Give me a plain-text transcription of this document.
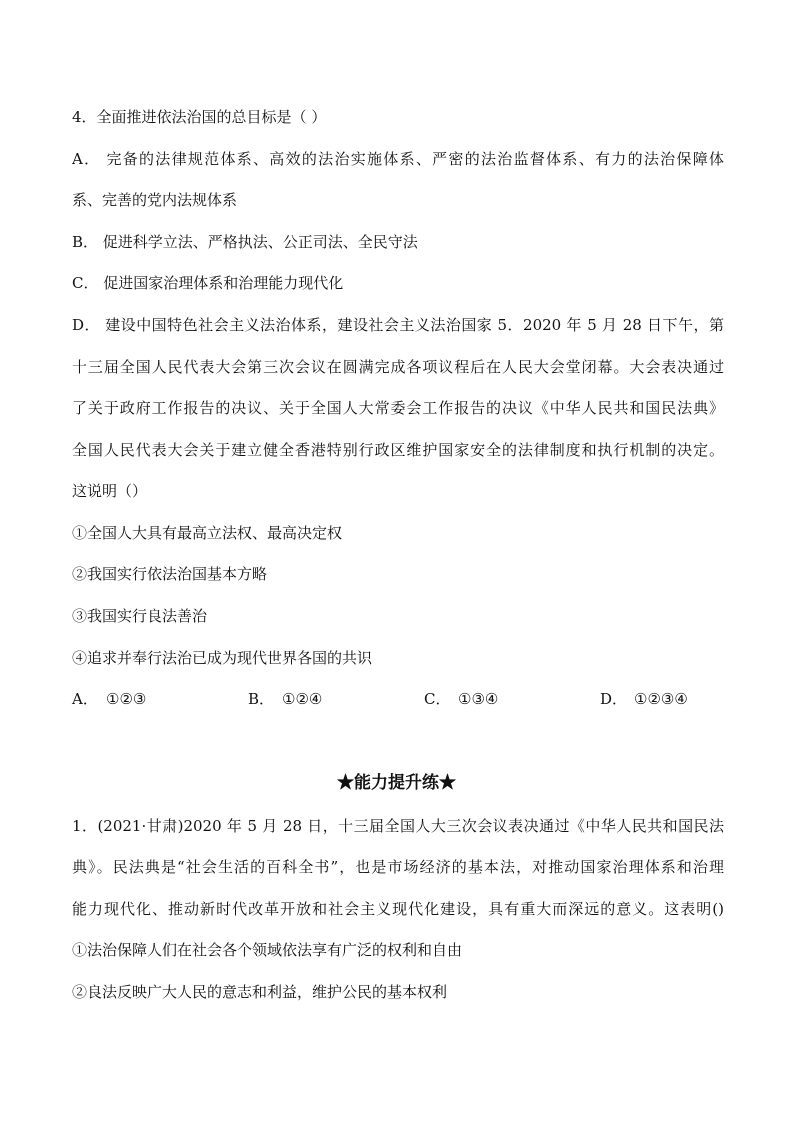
4．全面推进依法治国的总目标是（ ）
A． 完备的法律规范体系、高效的法治实施体系、严密的法治监督体系、有力的法治保障体
系、完善的党内法规体系
B． 促进科学立法、严格执法、公正司法、全民守法
C． 促进国家治理体系和治理能力现代化
D． 建设中国特色社会主义法治体系，建设社会主义法治国家 5．2020 年 5 月 28 日下午，第
十三届全国人民代表大会第三次会议在圆满完成各项议程后在人民大会堂闭幕。大会表决通过
了关于政府工作报告的决议、关于全国人大常委会工作报告的决议《中华人民共和国民法典》
全国人民代表大会关于建立健全香港特别行政区维护国家安全的法律制度和执行机制的决定。
这说明（）
①全国人大具有最高立法权、最高决定权
②我国实行依法治国基本方略
③我国实行良法善治
④追求并奉行法治已成为现代世界各国的共识
A． ①②③	B． ①②④	C． ①③④	D． ①②③④
★能力提升练★
1．(2021·甘肃)2020 年 5 月 28 日，十三届全国人大三次会议表决通过《中华人民共和国民法
典》。民法典是“社会生活的百科全书”，也是市场经济的基本法，对推动国家治理体系和治理
能力现代化、推动新时代改革开放和社会主义现代化建设，具有重大而深远的意义。这表明()
①法治保障人们在社会各个领域依法享有广泛的权利和自由
②良法反映广大人民的意志和利益，维护公民的基本权利
